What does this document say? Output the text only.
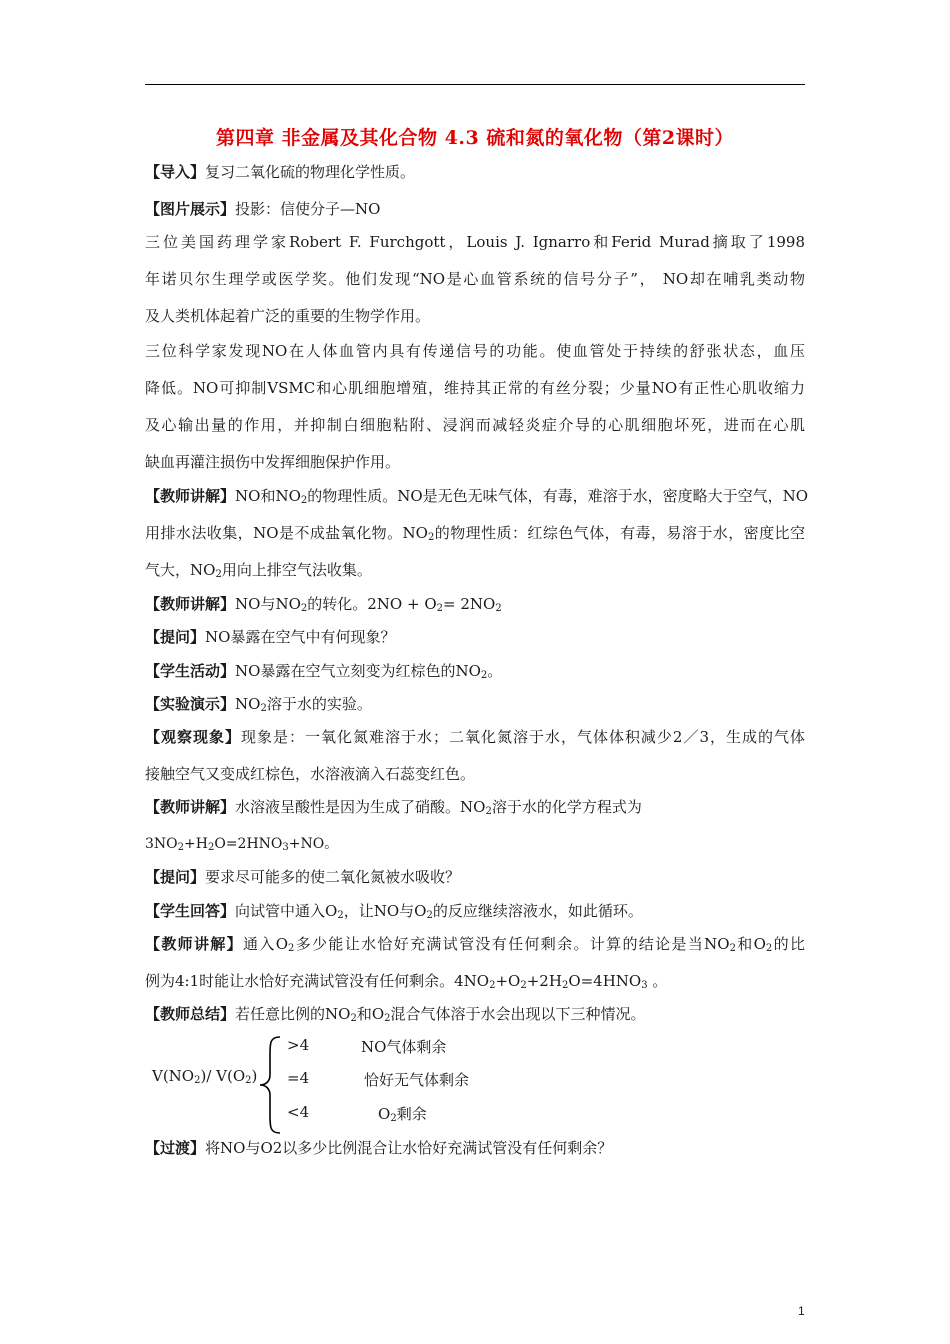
第四章 非金属及其化合物 4.3 硫和氮的氧化物（第2课时）
【导入】复习二氧化硫的物理化学性质。
【图片展示】投影：信使分子—NO
三位美国药理学家Robert F. Furchgott，Louis J. Ignarro和Ferid Murad摘取了1998
年诺贝尔生理学或医学奖。他们发现“NO是心血管系统的信号分子”， NO却在哺乳类动物
及人类机体起着广泛的重要的生物学作用。
三位科学家发现NO在人体血管内具有传递信号的功能。使血管处于持续的舒张状态，血压
降低。NO可抑制VSMC和心肌细胞增殖，维持其正常的有丝分裂；少量NO有正性心肌收缩力
及心输出量的作用，并抑制白细胞粘附、浸润而减轻炎症介导的心肌细胞坏死，进而在心肌
缺血再灌注损伤中发挥细胞保护作用。
【教师讲解】NO和$NO_2$的物理性质。NO是无色无味气体，有毒，难溶于水，密度略大于空气，NO
用排水法收集，NO是不成盐氧化物。$NO_2$的物理性质：红综色气体，有毒，易溶于水，密度比空
气大，$NO_2$用向上排空气法收集。
【教师讲解】NO与$NO_2$的转化。$2NO + O_2= 2NO_2$
【提问】NO暴露在空气中有何现象？
【学生活动】NO暴露在空气立刻变为红棕色的$NO_2$。
【实验演示】$NO_2$溶于水的实验。
【观察现象】现象是：一氧化氮难溶于水；二氧化氮溶于水，气体体积减少2／3，生成的气体
接触空气又变成红棕色，水溶液滴入石蕊变红色。
【教师讲解】水溶液呈酸性是因为生成了硝酸。$NO_2$溶于水的化学方程式为
$3NO_2+H_2O=2HNO_3+NO$。
【提问】要求尽可能多的使二氧化氮被水吸收？
【学生回答】向试管中通入$O_2$，让NO与$O_2$的反应继续溶液水，如此循环。
【教师讲解】通入$O_2$多少能让水恰好充满试管没有任何剩余。计算的结论是当$NO_2$和$O_2$的比
例为4:1时能让水恰好充满试管没有任何剩余。$4NO_2+O_2+2H_2O=4HNO_3$ 。
【教师总结】若任意比例的$NO_2$和$O_2$混合气体溶于水会出现以下三种情况。
$V(NO_2)/$ $V(O_2)$
>4	NO气体剩余
=4	恰好无气体剩余
<4	$O_2$剩余
【过渡】将NO与O2以多少比例混合让水恰好充满试管没有任何剩余？
1
